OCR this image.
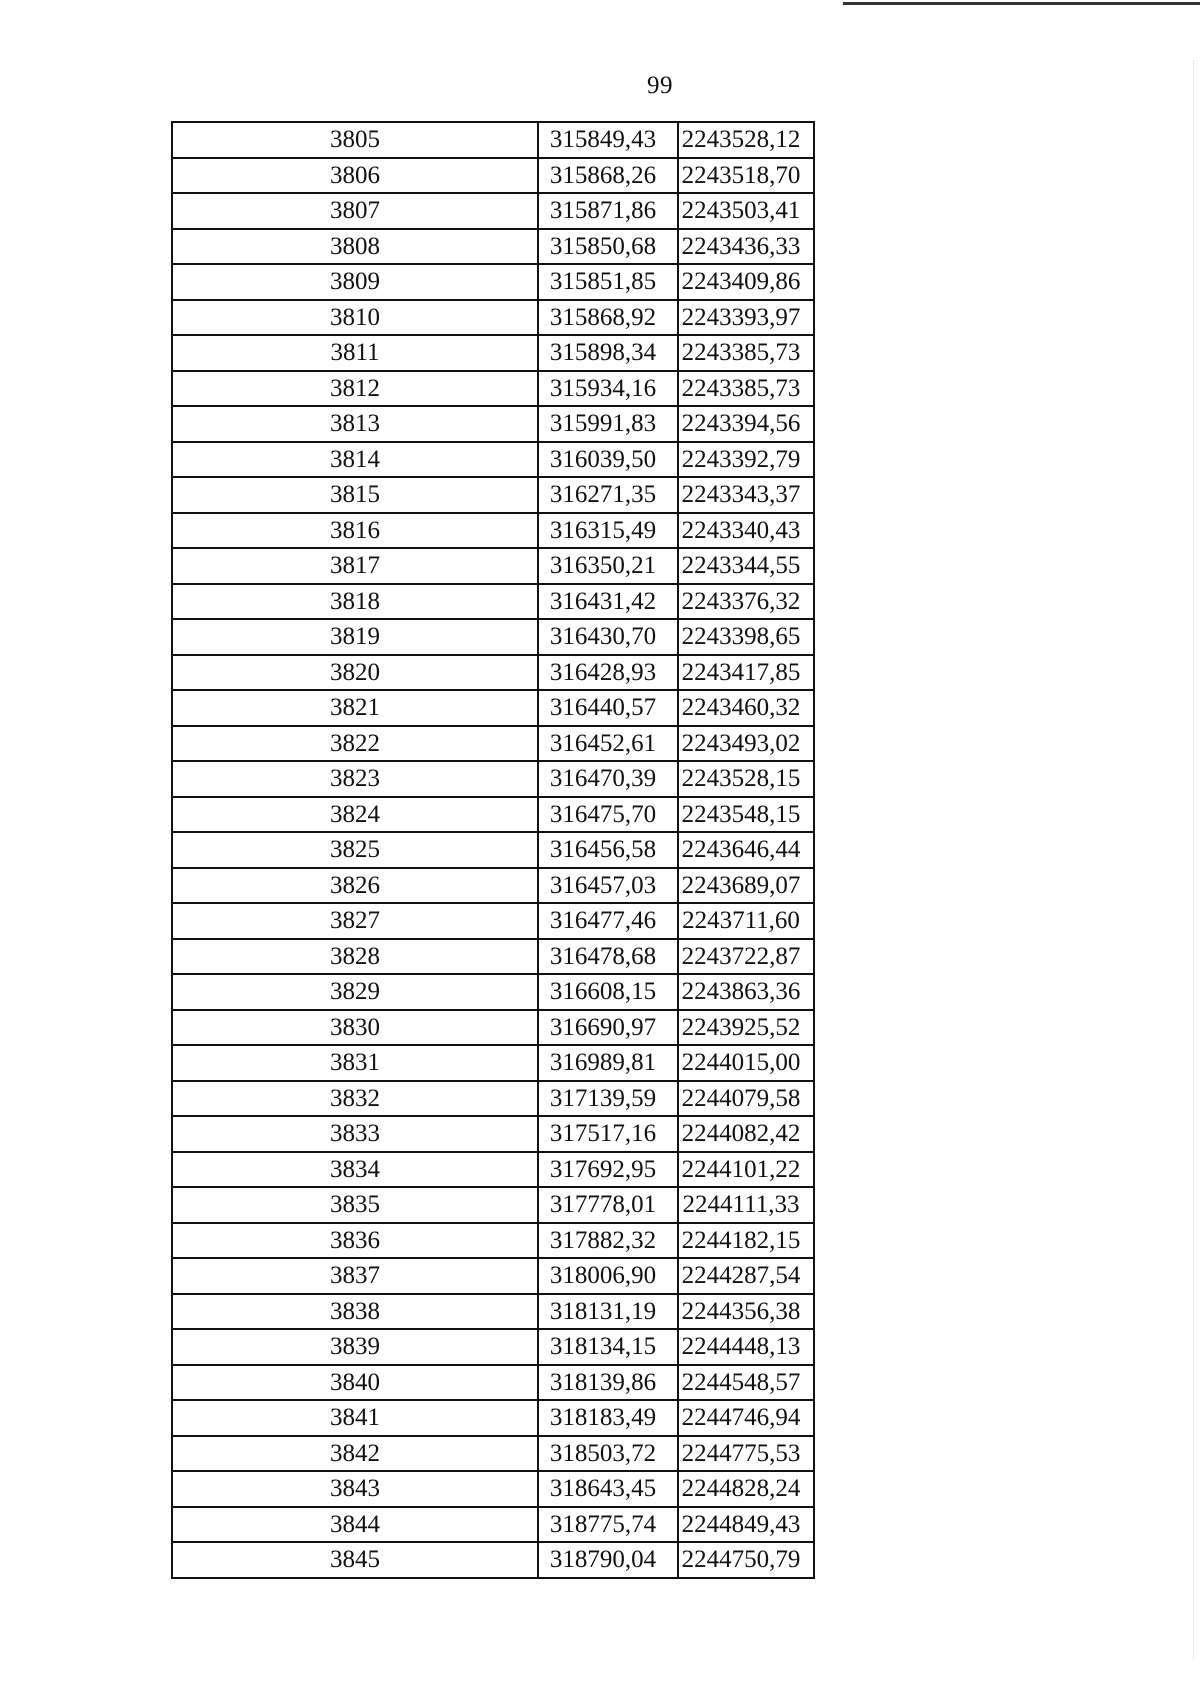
99
3805	315849,43	2243528,12
3806	315868,26	2243518,70
3807	315871,86	2243503,41
3808	315850,68	2243436,33
3809	315851,85	2243409,86
3810	315868,92	2243393,97
3811	315898,34	2243385,73
3812	315934,16	2243385,73
3813	315991,83	2243394,56
3814	316039,50	2243392,79
3815	316271,35	2243343,37
3816	316315,49	2243340,43
3817	316350,21	2243344,55
3818	316431,42	2243376,32
3819	316430,70	2243398,65
3820	316428,93	2243417,85
3821	316440,57	2243460,32
3822	316452,61	2243493,02
3823	316470,39	2243528,15
3824	316475,70	2243548,15
3825	316456,58	2243646,44
3826	316457,03	2243689,07
3827	316477,46	2243711,60
3828	316478,68	2243722,87
3829	316608,15	2243863,36
3830	316690,97	2243925,52
3831	316989,81	2244015,00
3832	317139,59	2244079,58
3833	317517,16	2244082,42
3834	317692,95	2244101,22
3835	317778,01	2244111,33
3836	317882,32	2244182,15
3837	318006,90	2244287,54
3838	318131,19	2244356,38
3839	318134,15	2244448,13
3840	318139,86	2244548,57
3841	318183,49	2244746,94
3842	318503,72	2244775,53
3843	318643,45	2244828,24
3844	318775,74	2244849,43
3845	318790,04	2244750,79
